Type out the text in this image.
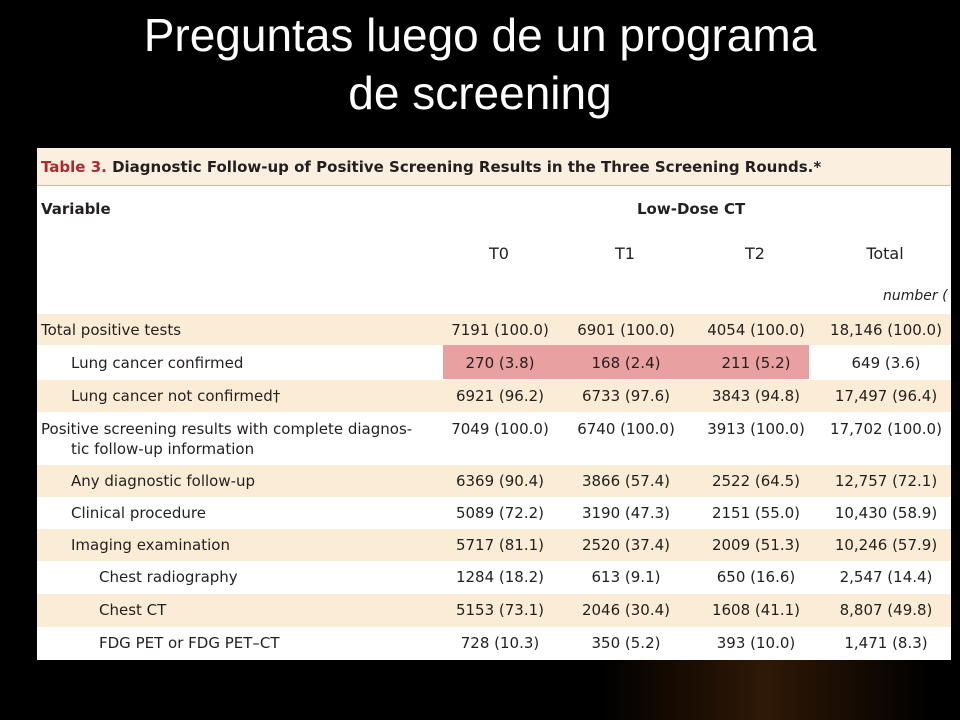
Preguntas luego de un programa
de screening
Table 3. Diagnostic Follow-up of Positive Screening Results in the Three Screening Rounds.*
Variable	Low-Dose CT
T0	T1	T2	Total
number (
Total positive tests	7191 (100.0)	6901 (100.0)	4054 (100.0)	18,146 (100.0)
Lung cancer confirmed	270 (3.8)	168 (2.4)	211 (5.2)	649 (3.6)
Lung cancer not confirmed†	6921 (96.2)	6733 (97.6)	3843 (94.8)	17,497 (96.4)
Positive screening results with complete diagnos-
tic follow-up information
7049 (100.0)	6740 (100.0)	3913 (100.0)	17,702 (100.0)
Any diagnostic follow-up	6369 (90.4)	3866 (57.4)	2522 (64.5)	12,757 (72.1)
Clinical procedure	5089 (72.2)	3190 (47.3)	2151 (55.0)	10,430 (58.9)
Imaging examination	5717 (81.1)	2520 (37.4)	2009 (51.3)	10,246 (57.9)
Chest radiography	1284 (18.2)	613 (9.1)	650 (16.6)	2,547 (14.4)
Chest CT	5153 (73.1)	2046 (30.4)	1608 (41.1)	8,807 (49.8)
FDG PET or FDG PET–CT	728 (10.3)	350 (5.2)	393 (10.0)	1,471 (8.3)
